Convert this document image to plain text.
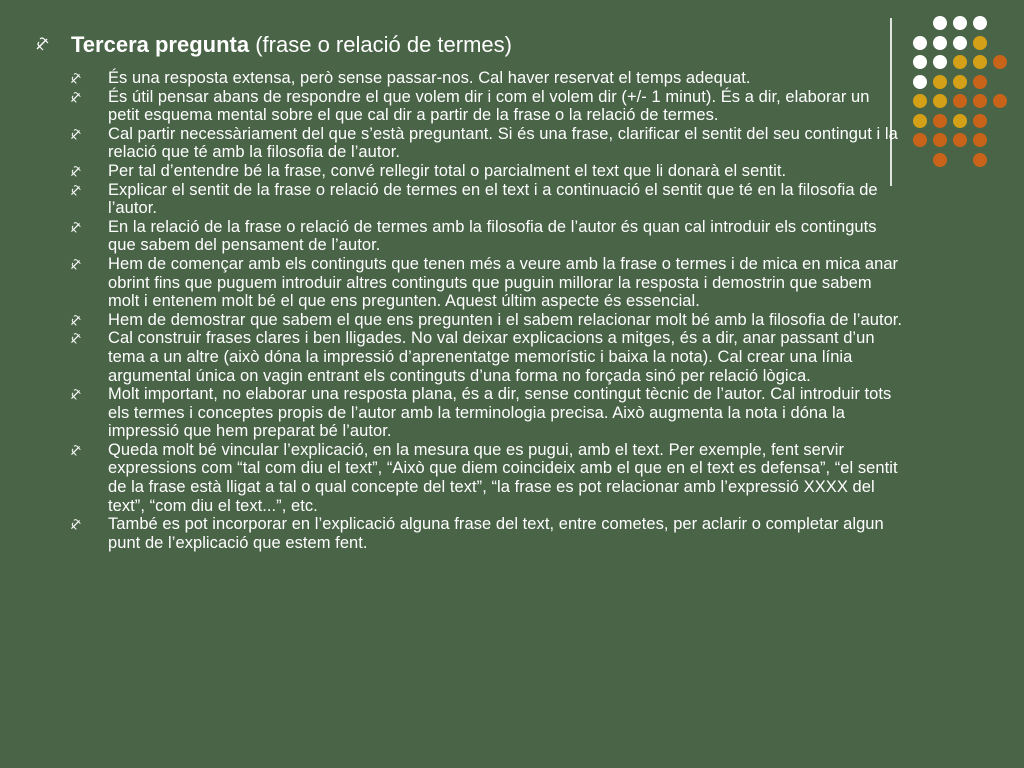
Tercera pregunta (frase o relació de termes)
És una resposta extensa, però sense passar-nos. Cal haver reservat el temps adequat.
És útil pensar abans de respondre el que volem dir i com el volem dir (+/- 1 minut). És a dir, elaborar un petit esquema mental sobre el que cal dir a partir de la frase o la relació de termes.
Cal partir necessàriament del que s’està preguntant. Si és una frase, clarificar el sentit del seu contingut i la relació que té amb la filosofia de l’autor.
Per tal d’entendre bé la frase, convé rellegir total o parcialment el text que li donarà el sentit.
Explicar el sentit de la frase o relació de termes en el text i a continuació el sentit que té en la filosofia de l’autor.
En la relació de la frase o relació de termes amb la filosofia de l’autor és quan cal introduir els continguts que sabem del pensament de l’autor.
Hem de començar amb els continguts que tenen més a veure amb la frase o termes i de mica en mica anar obrint fins que puguem introduir altres continguts que puguin millorar la resposta i demostrin que sabem molt i entenem molt bé el que ens pregunten. Aquest últim aspecte és essencial.
Hem de demostrar que sabem el que ens pregunten i el sabem relacionar molt bé amb la filosofia de l’autor.
Cal construir frases clares i ben lligades. No val deixar explicacions a mitges, és a dir, anar passant d’un tema a un altre (això dóna la impressió d’aprenentatge memorístic i baixa la nota). Cal crear una línia argumental única on vagin entrant els continguts d’una forma no forçada sinó per relació lògica.
Molt important, no elaborar una resposta plana, és a dir, sense contingut tècnic de l’autor. Cal introduir tots els termes i conceptes propis de l’autor amb la terminologia precisa. Això augmenta la nota i dóna la impressió que hem preparat bé l’autor.
Queda molt bé vincular l’explicació, en la mesura que es pugui, amb el text. Per exemple, fent servir expressions com “tal com diu el text”, “Això que diem coincideix amb el que en el text es defensa”, “el sentit de la frase està lligat a tal o qual concepte del text”, “la frase es pot relacionar amb l’expressió XXXX del text”, “com diu el text...”, etc.
També es pot incorporar en l’explicació alguna frase del text, entre cometes, per aclarir o completar algun punt de l’explicació que estem fent.
